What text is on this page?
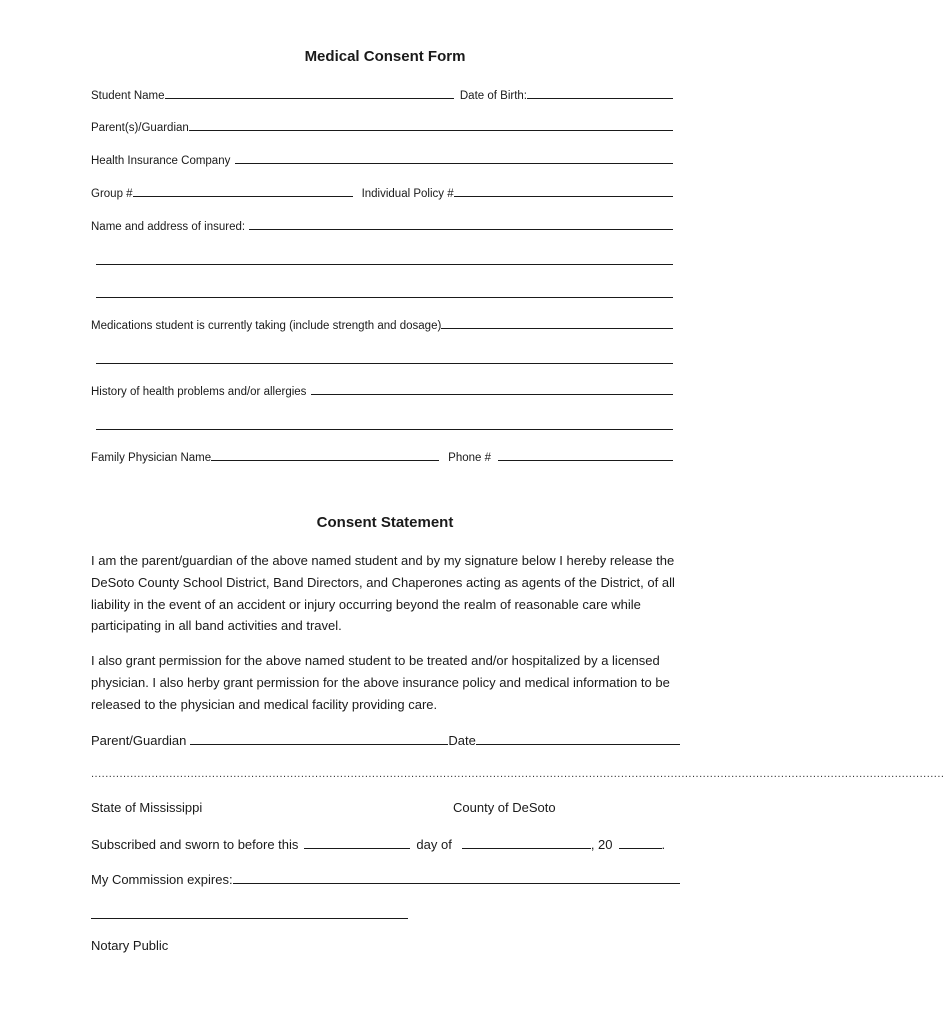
Medical Consent Form
Student Name	Date of Birth:
Parent(s)/Guardian
Health Insurance Company
Group #	Individual Policy #
Name and address of insured:
Medications student is currently taking (include strength and dosage)
History of health problems and/or allergies
Family Physician Name	Phone #
Consent Statement

I am the parent/guardian of the above named student and by my signature below I hereby release the DeSoto County School District, Band Directors, and Chaperones acting as agents of the District, of all liability in the event of an accident or injury occurring beyond the realm of reasonable care while participating in all band activities and travel.

I also grant permission for the above named student to be treated and/or hospitalized by a licensed physician. I also herby grant permission for the above insurance policy and medical information to be released to the physician and medical facility providing care.

Parent/Guardian	Date
................................................................................................................................................................................................................................................
State of Mississippi	County of DeSoto
Subscribed and sworn to before this	day of	, 20	.
My Commission expires:
Notary Public
